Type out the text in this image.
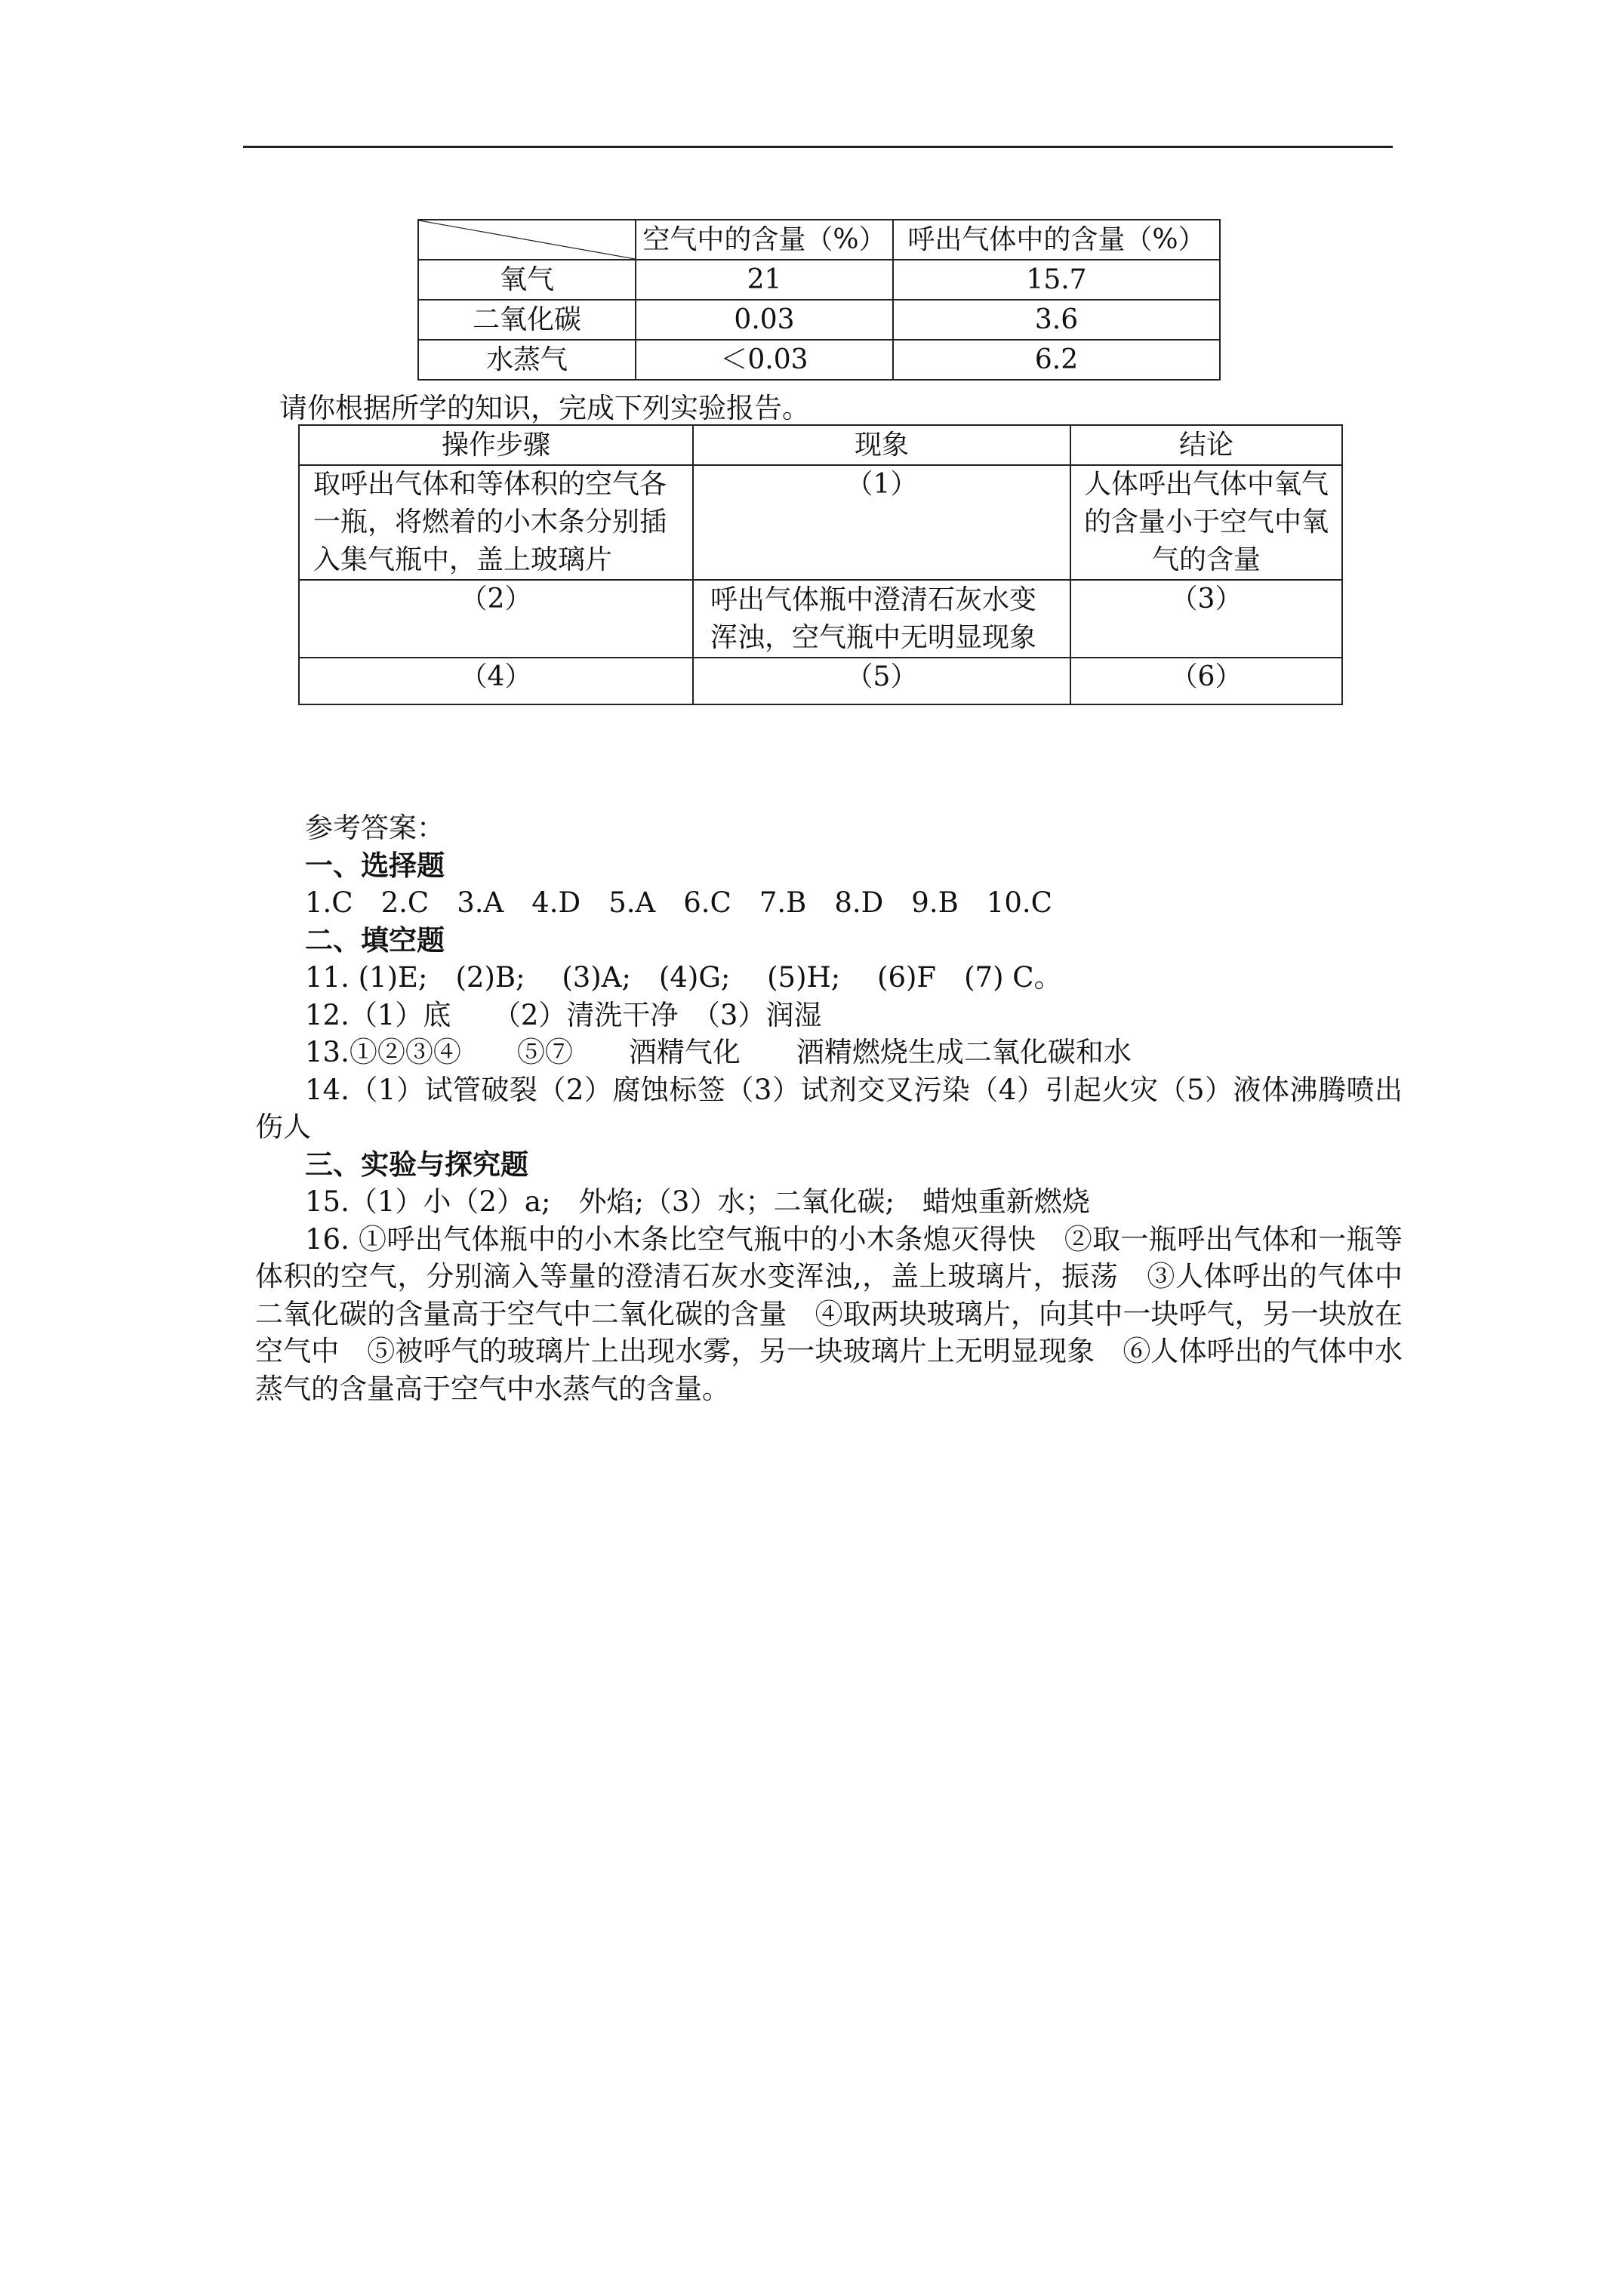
	空气中的含量（%）	呼出气体中的含量（%）
氧气	21	15.7
二氧化碳	0.03	3.6
水蒸气	＜0.03	6.2
请你根据所学的知识，完成下列实验报告。
操作步骤	现象	结论
取呼出气体和等体积的空气各一瓶，将燃着的小木条分别插入集气瓶中，盖上玻璃片	（1）	人体呼出气体中氧气的含量小于空气中氧气的含量
（2）	呼出气体瓶中澄清石灰水变浑浊，空气瓶中无明显现象	（3）
（4）	（5）	（6）

参考答案：

一、选择题

1.C　2.C　3.A　4.D　5.A　6.C　7.B　8.D　9.B　10.C

二、填空题

11. (1)E;　(2)B;　 (3)A;　(4)G;　 (5)H;　 (6)F　(7) C。

12.（1）底　　（2）清洗干净　（3）润湿

13.①②③④　　⑤⑦　　酒精气化　　酒精燃烧生成二氧化碳和水

14.（1）试管破裂（2）腐蚀标签（3）试剂交叉污染（4）引起火灾（5）液体沸腾喷出伤人

三、实验与探究题

15.（1）小（2）a;　外焰;（3）水；二氧化碳;　蜡烛重新燃烧

16. ①呼出气体瓶中的小木条比空气瓶中的小木条熄灭得快　②取一瓶呼出气体和一瓶等体积的空气，分别滴入等量的澄清石灰水变浑浊,，盖上玻璃片，振荡　③人体呼出的气体中二氧化碳的含量高于空气中二氧化碳的含量　④取两块玻璃片，向其中一块呼气，另一块放在空气中　⑤被呼气的玻璃片上出现水雾，另一块玻璃片上无明显现象　⑥人体呼出的气体中水蒸气的含量高于空气中水蒸气的含量。
